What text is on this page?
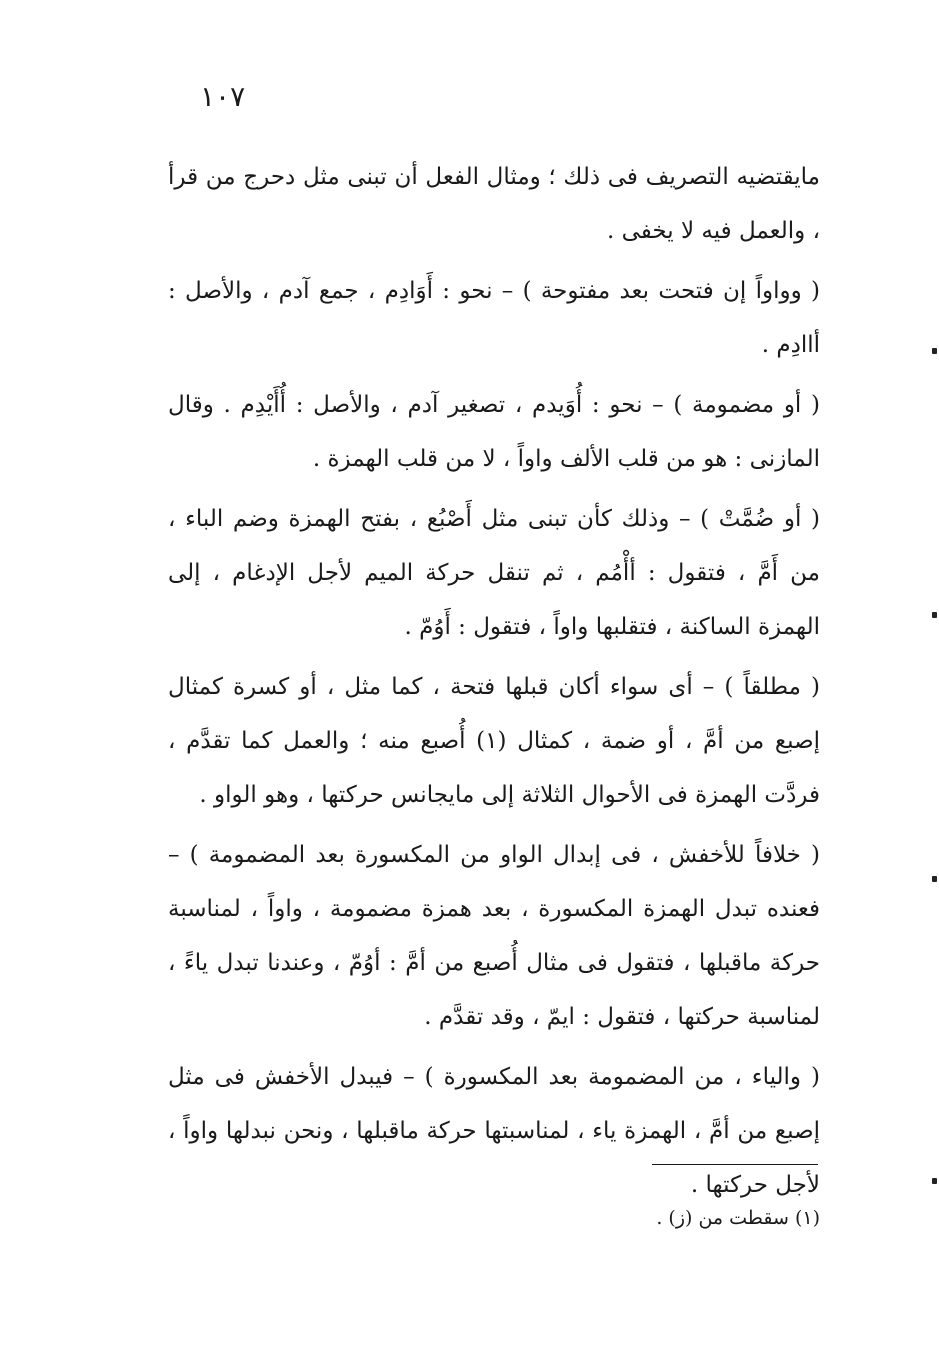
١٠٧

مايقتضيه التصريف فى ذلك ؛ ومثال الفعل أن تبنى مثل دحرج من قرأ ، والعمل فيه لا يخفى .

( وواواً إن فتحت بعد مفتوحة ) – نحو : أَوَادِم ، جمع آدم ، والأصل : أاادِم .

( أو مضمومة ) – نحو : أُوَيدم ، تصغير آدم ، والأصل : أُأَيْدِم . وقال المازنى : هو من قلب الألف واواً ، لا من قلب الهمزة .

( أو ضُمَّتْ ) – وذلك كأن تبنى مثل أَصْبُع ، بفتح الهمزة وضم الباء ، من أَمَّ ، فتقول : أأْمُم ، ثم تنقل حركة الميم لأجل الإدغام ، إلى الهمزة الساكنة ، فتقلبها واواً ، فتقول : أَوُمّ .

( مطلقاً ) – أى سواء أكان قبلها فتحة ، كما مثل ، أو كسرة كمثال إصبع من أمَّ ، أو ضمة ، كمثال (١) أُصبع منه ؛ والعمل كما تقدَّم ، فردَّت الهمزة فى الأحوال الثلاثة إلى مايجانس حركتها ، وهو الواو .

( خلافاً للأخفش ، فى إبدال الواو من المكسورة بعد المضمومة ) – فعنده تبدل الهمزة المكسورة ، بعد همزة مضمومة ، واواً ، لمناسبة حركة ماقبلها ، فتقول فى مثال أُصبع من أمَّ : أوُمّ ، وعندنا تبدل ياءً ، لمناسبة حركتها ، فتقول : ايمّ ، وقد تقدَّم .

( والياء ، من المضمومة بعد المكسورة ) – فيبدل الأخفش فى مثل إصبع من أمَّ ، الهمزة ياء ، لمناسبتها حركة ماقبلها ، ونحن نبدلها واواً ، لأجل حركتها .

(١) سقطت من (ز) .
